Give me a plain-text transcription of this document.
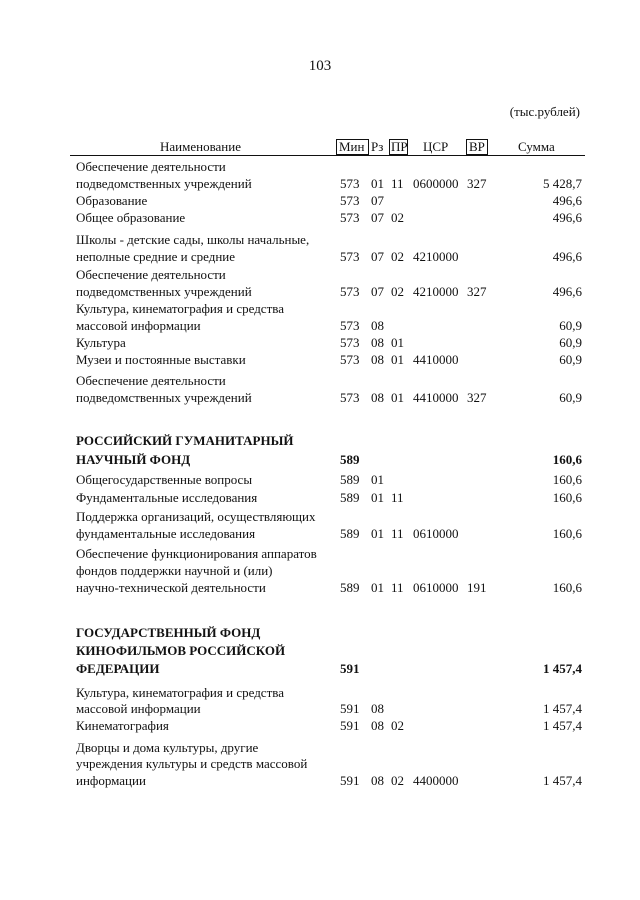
103
(тыс.рублей)
Наименование	Мин Рз ПР ЦСР ВР	Сумма
Обеспечение деятельности
подведомственных учреждений	573 01 11 0600000 327	5 428,7
Образование	573 07	496,6
Общее образование	573 07 02	496,6
Школы - детские сады, школы начальные,
неполные средние и средние	573 07 02 4210000	496,6
Обеспечение деятельности
подведомственных учреждений	573 07 02 4210000 327	496,6
Культура, кинематография и средства
массовой информации	573 08	60,9
Культура	573 08 01	60,9
Музеи и постоянные выставки	573 08 01 4410000	60,9
Обеспечение деятельности
подведомственных учреждений	573 08 01 4410000 327	60,9
РОССИЙСКИЙ ГУМАНИТАРНЫЙ
НАУЧНЫЙ ФОНД	589	160,6
Общегосударственные вопросы	589 01	160,6
Фундаментальные исследования	589 01 11	160,6
Поддержка организаций, осуществляющих
фундаментальные исследования	589 01 11 0610000	160,6
Обеспечение функционирования аппаратов
фондов поддержки научной и (или)
научно-технической деятельности	589 01 11 0610000 191	160,6
ГОСУДАРСТВЕННЫЙ ФОНД
КИНОФИЛЬМОВ РОССИЙСКОЙ
ФЕДЕРАЦИИ	591	1 457,4
Культура, кинематография и средства
массовой информации	591 08	1 457,4
Кинематография	591 08 02	1 457,4
Дворцы и дома культуры, другие
учреждения культуры и средств массовой
информации	591 08 02 4400000	1 457,4
